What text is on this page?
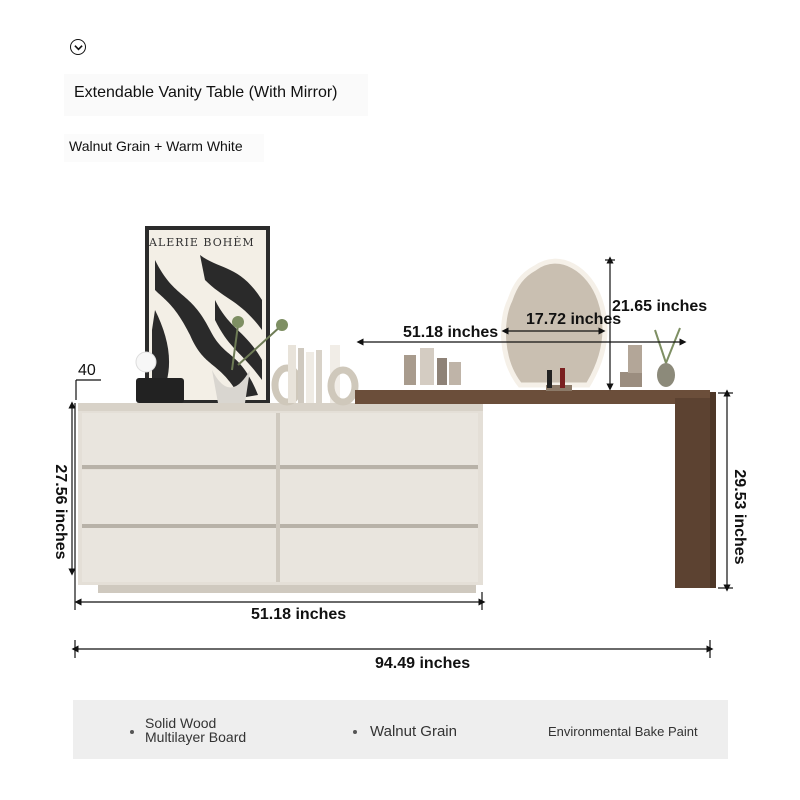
Extendable Vanity Table (With Mirror)
Walnut Grain + Warm White
40
27.56 inches
51.18 inches
94.49 inches
51.18 inches
17.72 inches
21.65 inches
29.53 inches
ALERIE BOHÈM
Solid Wood
Multilayer Board	Walnut Grain	Environmental Bake Paint
